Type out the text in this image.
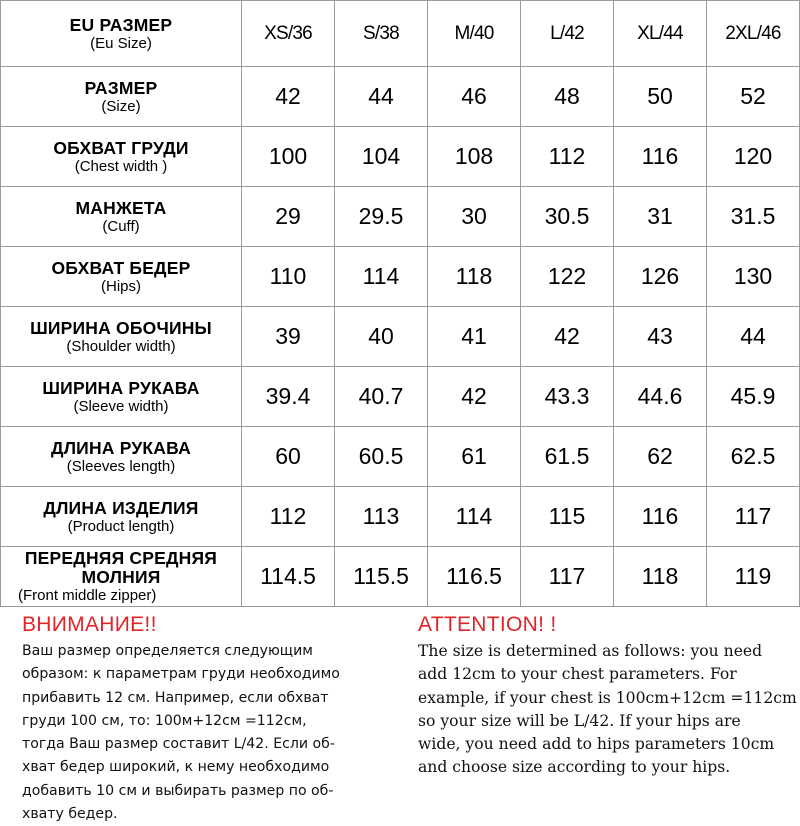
EU РАЗМЕР
(Eu Size)	XS/36	S/38	M/40	L/42	XL/44	2XL/46

РАЗМЕР
(Size)	42	44	46	48	50	52

ОБХВАТ ГРУДИ
(Chest width )	100	104	108	112	116	120

МАНЖЕТА
(Cuff)	29	29.5	30	30.5	31	31.5

ОБХВАТ БЕДЕР
(Hips)	110	114	118	122	126	130

ШИРИНА ОБОЧИНЫ
(Shoulder width)	39	40	41	42	43	44

ШИРИНА РУКАВА
(Sleeve width)	39.4	40.7	42	43.3	44.6	45.9

ДЛИНА РУКАВА
(Sleeves length)	60	60.5	61	61.5	62	62.5

ДЛИНА ИЗДЕЛИЯ
(Product length)	112	113	114	115	116	117

ПЕРЕДНЯЯ СРЕДНЯЯ МОЛНИЯ
(Front middle zipper)	114.5	115.5	116.5	117	118	119
ВНИМАНИЕ!!
Ваш размер определяется следующим
образом: к параметрам груди необходимо
прибавить 12 см. Например, если обхват
груди 100 см, то: 100м+12см =112см,
тогда Ваш размер составит L/42. Если об-
хват бедер широкий, к нему необходимо
добавить 10 см и выбирать размер по об-
хвату бедер.
ATTENTION! !
The size is determined as follows: you need
add 12cm to your chest parameters. For
example, if your chest is 100cm+12cm =112cm
so your size will be L/42. If your hips are
wide, you need add to hips parameters 10cm
and choose size according to your hips.
